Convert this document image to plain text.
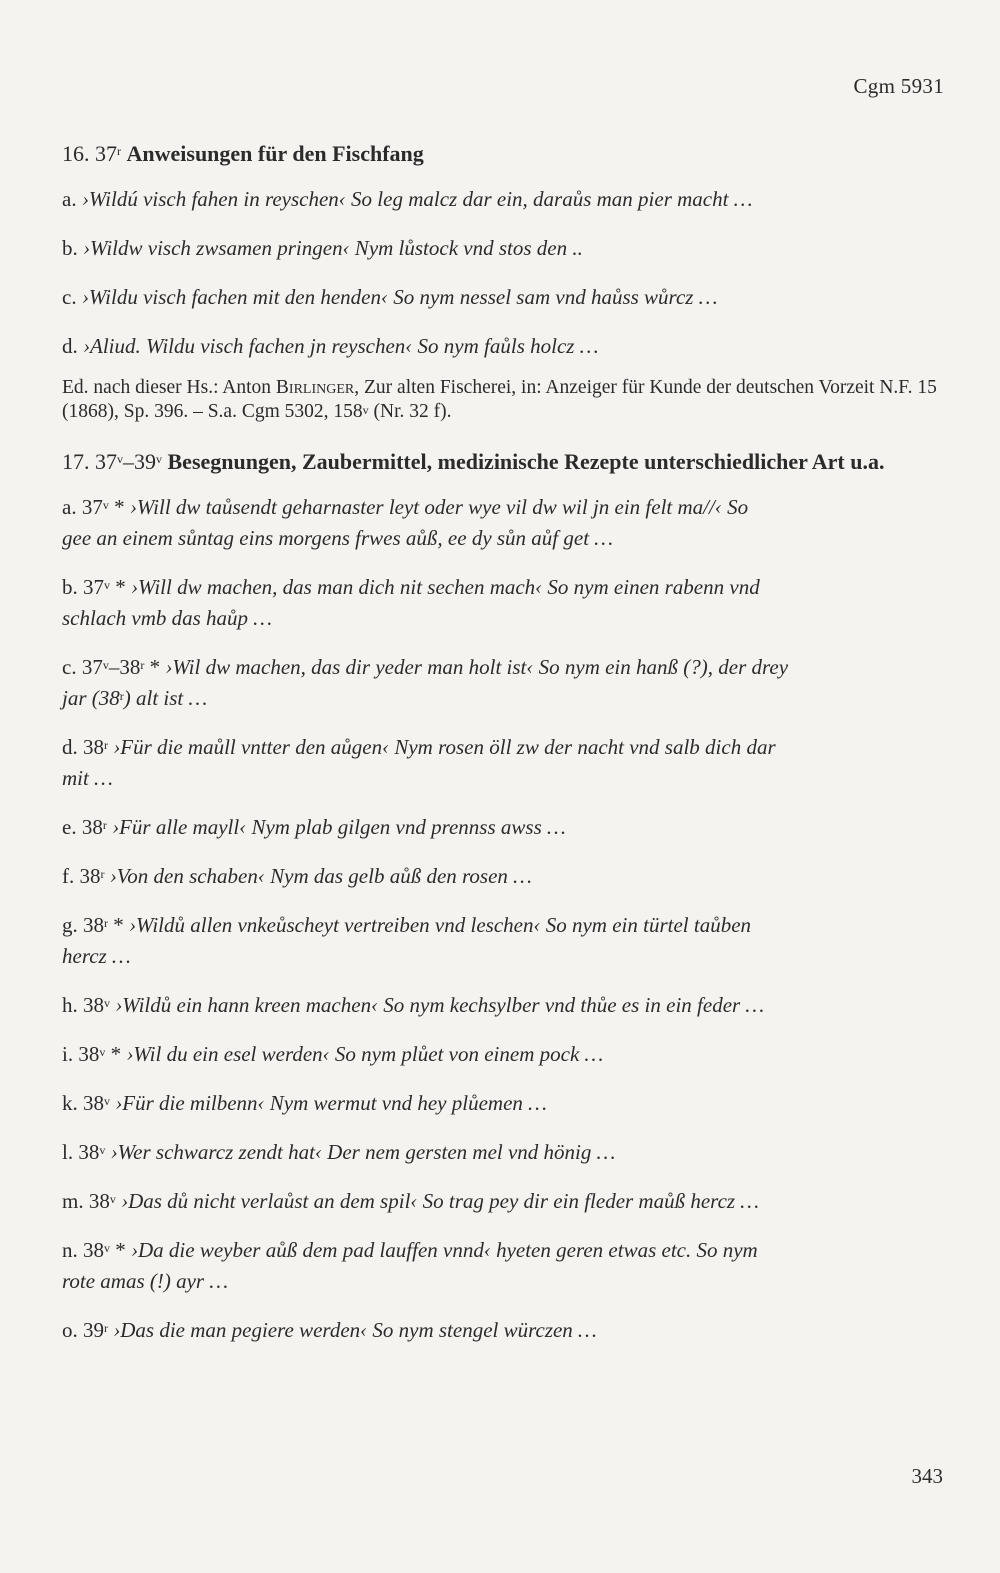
Cgm 5931

16. 37$^r$ Anweisungen für den Fischfang

a. ›Wildú visch fahen in reyschen‹ So leg malcz dar ein, daraůs man pier macht …

b. ›Wildw visch zwsamen pringen‹ Nym lůstock vnd stos den ..

c. ›Wildu visch fachen mit den henden‹ So nym nessel sam vnd haůss wůrcz …

d. ›Aliud. Wildu visch fachen jn reyschen‹ So nym faůls holcz …

Ed. nach dieser Hs.: Anton Birlinger, Zur alten Fischerei, in: Anzeiger für Kunde der deutschen Vorzeit N.F. 15 (1868), Sp. 396. – S.a. Cgm 5302, 158$^v$ (Nr. 32 f).

17. 37$^v$–39$^v$ Besegnungen, Zaubermittel, medizinische Rezepte unterschiedlicher Art u.a.

a. 37$^v$ * ›Will dw taůsendt geharnaster leyt oder wye vil dw wil jn ein felt ma//‹ So
gee an einem sůntag eins morgens frwes aůß, ee dy sůn aůf get …

b. 37$^v$ * ›Will dw machen, das man dich nit sechen mach‹ So nym einen rabenn vnd
schlach vmb das haůp …

c. 37$^v$–38$^r$ * ›Wil dw machen, das dir yeder man holt ist‹ So nym ein hanß (?), der drey
jar (38$^r$) alt ist …

d. 38$^r$ ›Für die maůll vntter den aůgen‹ Nym rosen öll zw der nacht vnd salb dich dar
mit …

e. 38$^r$ ›Für alle mayll‹ Nym plab gilgen vnd prennss awss …

f. 38$^r$ ›Von den schaben‹ Nym das gelb aůß den rosen …

g. 38$^r$ * ›Wildů allen vnkeůscheyt vertreiben vnd leschen‹ So nym ein türtel taůben
hercz …

h. 38$^v$ ›Wildů ein hann kreen machen‹ So nym kechsylber vnd thůe es in ein feder …

i. 38$^v$ * ›Wil du ein esel werden‹ So nym plůet von einem pock …

k. 38$^v$ ›Für die milbenn‹ Nym wermut vnd hey plůemen …

l. 38$^v$ ›Wer schwarcz zendt hat‹ Der nem gersten mel vnd hönig …

m. 38$^v$ ›Das dů nicht verlaůst an dem spil‹ So trag pey dir ein fleder maůß hercz …

n. 38$^v$ * ›Da die weyber aůß dem pad lauffen vnnd‹ hyeten geren etwas etc. So nym
rote amas (!) ayr …

o. 39$^r$ ›Das die man pegiere werden‹ So nym stengel würczen …

343
